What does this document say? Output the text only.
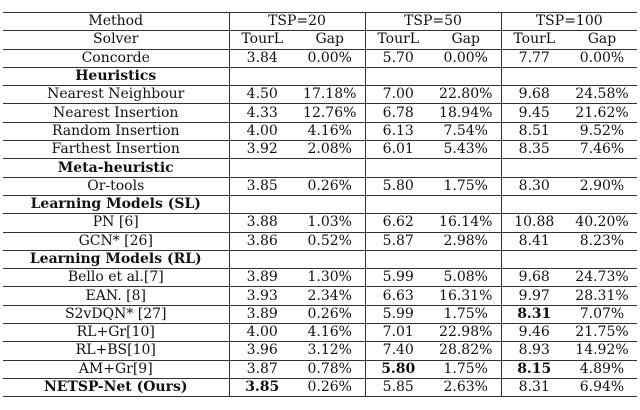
Method	TSP=20		TSP=50		TSP=100	
Solver	TourL	Gap	TourL	Gap	TourL	Gap
Concorde	3.84	0.00%	5.70	0.00%	7.77	0.00%
Heuristics						
Nearest Neighbour	4.50	17.18%	7.00	22.80%	9.68	24.58%
Nearest Insertion	4.33	12.76%	6.78	18.94%	9.45	21.62%
Random Insertion	4.00	4.16%	6.13	7.54%	8.51	9.52%
Farthest Insertion	3.92	2.08%	6.01	5.43%	8.35	7.46%
Meta-heuristic						
Or-tools	3.85	0.26%	5.80	1.75%	8.30	2.90%
Learning Models (SL)						
PN [6]	3.88	1.03%	6.62	16.14%	10.88	40.20%
GCN* [26]	3.86	0.52%	5.87	2.98%	8.41	8.23%
Learning Models (RL)						
Bello et al.[7]	3.89	1.30%	5.99	5.08%	9.68	24.73%
EAN. [8]	3.93	2.34%	6.63	16.31%	9.97	28.31%
S2vDQN* [27]	3.89	0.26%	5.99	1.75%	8.31	7.07%
RL+Gr[10]	4.00	4.16%	7.01	22.98%	9.46	21.75%
RL+BS[10]	3.96	3.12%	7.40	28.82%	8.93	14.92%
AM+Gr[9]	3.87	0.78%	5.80	1.75%	8.15	4.89%
NETSP-Net (Ours)	3.85	0.26%	5.85	2.63%	8.31	6.94%
